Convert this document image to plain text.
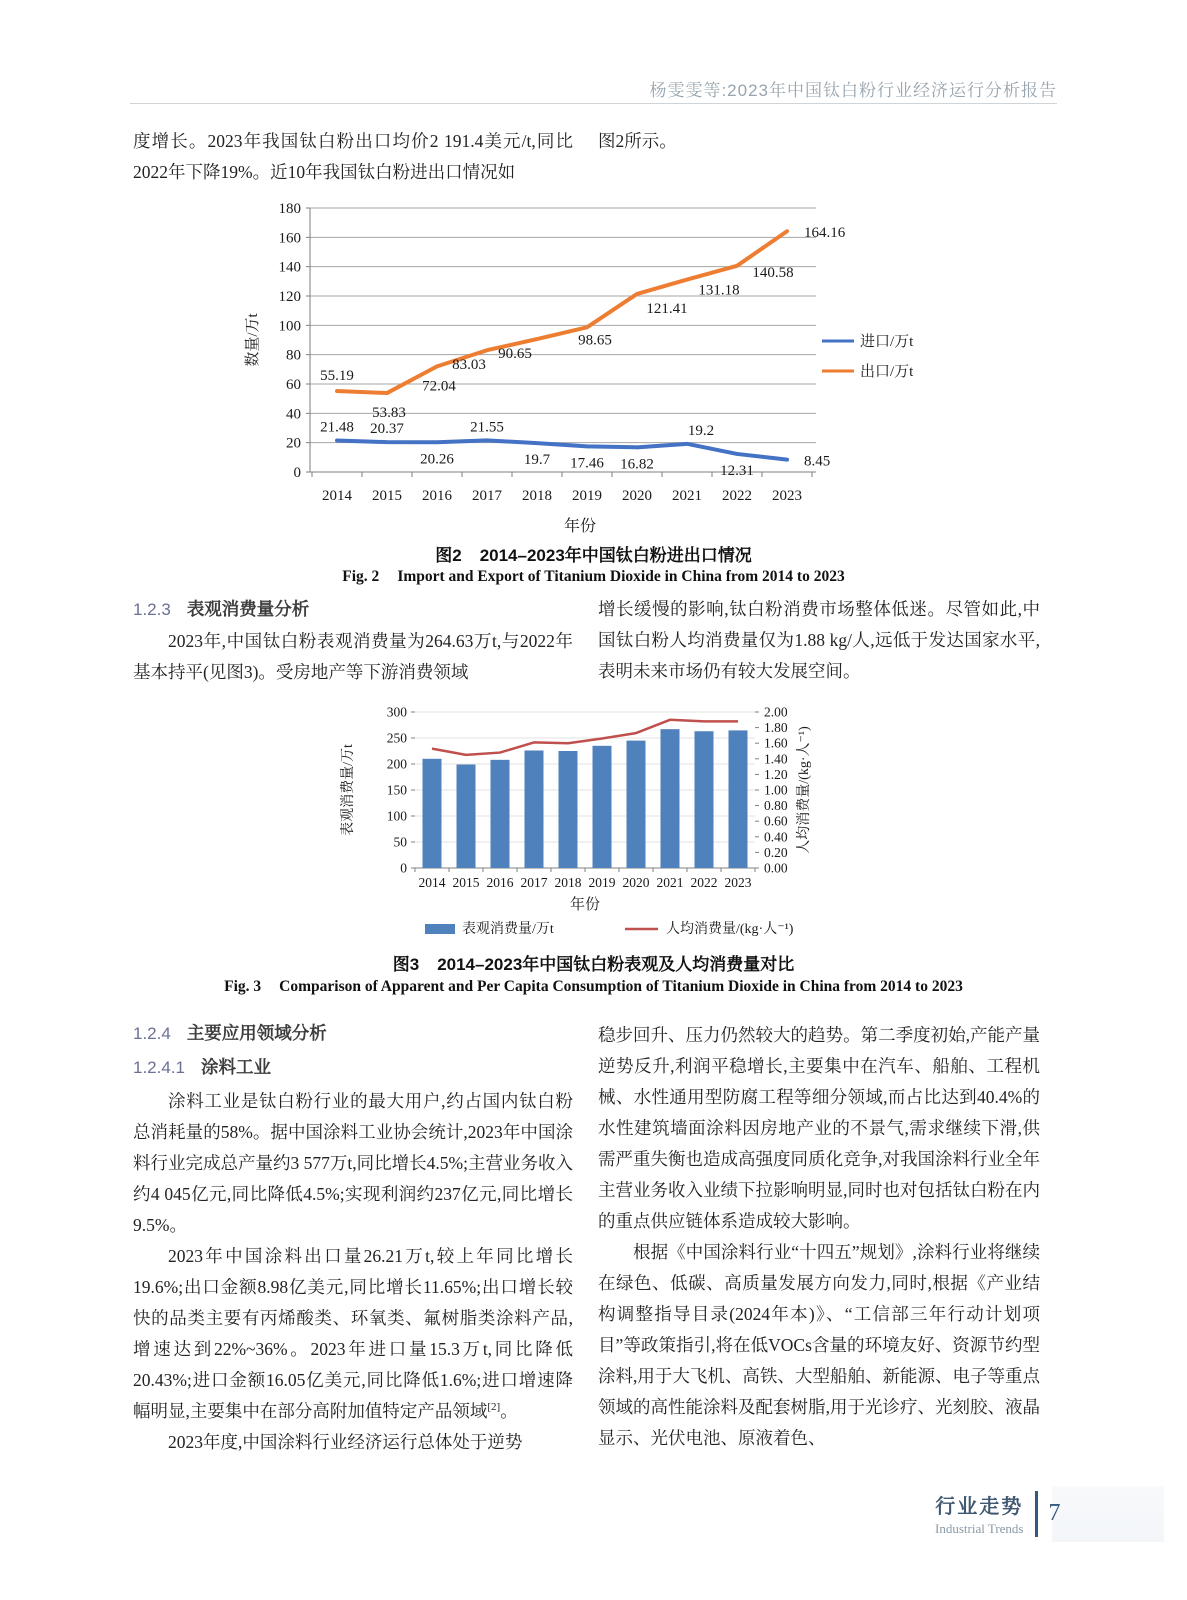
杨雯雯等:2023年中国钛白粉行业经济运行分析报告

度增长。2023年我国钛白粉出口均价2 191.4美元/t,同比2022年下降19%。近10年我国钛白粉进出口情况如

图2所示。

0
20
40
60
80
100
120
140
160
180
2014 2015 2016 2017 2018 2019 2020 2021 2022 2023
21.48 20.37
20.26
21.55
19.7 17.46 16.82
19.2
12.31
8.45
55.19
53.83
72.04
83.03
90.65
98.65
121.41
131.18
140.58
164.16
数量/万t
年份
进口/万t
出口/万t
图2 2014–2023年中国钛白粉进出口情况
Fig. 2 Import and Export of Titanium Dioxide in China from 2014 to 2023
1.2.3 表观消费量分析

2023年,中国钛白粉表观消费量为264.63万t,与2022年基本持平(见图3)。受房地产等下游消费领域

增长缓慢的影响,钛白粉消费市场整体低迷。尽管如此,中国钛白粉人均消费量仅为1.88 kg/人,远低于发达国家水平,表明未来市场仍有较大发展空间。

0
50
100
150
200
250
300
0.00
0.20
0.40
0.60
0.80
1.00
1.20
1.40
1.60
1.80
2.00
2014 2015 2016 2017 2018 2019 2020 2021 2022 2023
表观消费量/万t	人均消费量/(kg·人⁻¹)
年份
表观消费量/万t	人均消费量/(kg·人⁻¹)
图3 2014–2023年中国钛白粉表观及人均消费量对比
Fig. 3 Comparison of Apparent and Per Capita Consumption of Titanium Dioxide in China from 2014 to 2023
1.2.4 主要应用领域分析
1.2.4.1 涂料工业

涂料工业是钛白粉行业的最大用户,约占国内钛白粉总消耗量的58%。据中国涂料工业协会统计,2023年中国涂料行业完成总产量约3 577万t,同比增长4.5%;主营业务收入约4 045亿元,同比降低4.5%;实现利润约237亿元,同比增长9.5%。

2023年中国涂料出口量26.21万t,较上年同比增长19.6%;出口金额8.98亿美元,同比增长11.65%;出口增长较快的品类主要有丙烯酸类、环氧类、氟树脂类涂料产品,增速达到22%~36%。2023年进口量15.3万t,同比降低20.43%;进口金额16.05亿美元,同比降低1.6%;进口增速降幅明显,主要集中在部分高附加值特定产品领域[2]。

2023年度,中国涂料行业经济运行总体处于逆势

稳步回升、压力仍然较大的趋势。第二季度初始,产能产量逆势反升,利润平稳增长,主要集中在汽车、船舶、工程机械、水性通用型防腐工程等细分领域,而占比达到40.4%的水性建筑墙面涂料因房地产业的不景气,需求继续下滑,供需严重失衡也造成高强度同质化竞争,对我国涂料行业全年主营业务收入业绩下拉影响明显,同时也对包括钛白粉在内的重点供应链体系造成较大影响。

根据《中国涂料行业“十四五”规划》,涂料行业将继续在绿色、低碳、高质量发展方向发力,同时,根据《产业结构调整指导目录(2024年本)》、“工信部三年行动计划项目”等政策指引,将在低VOCs含量的环境友好、资源节约型涂料,用于大飞机、高铁、大型船舶、新能源、电子等重点领域的高性能涂料及配套树脂,用于光诊疗、光刻胶、液晶显示、光伏电池、原液着色、

行业走势
Industrial Trends
7
